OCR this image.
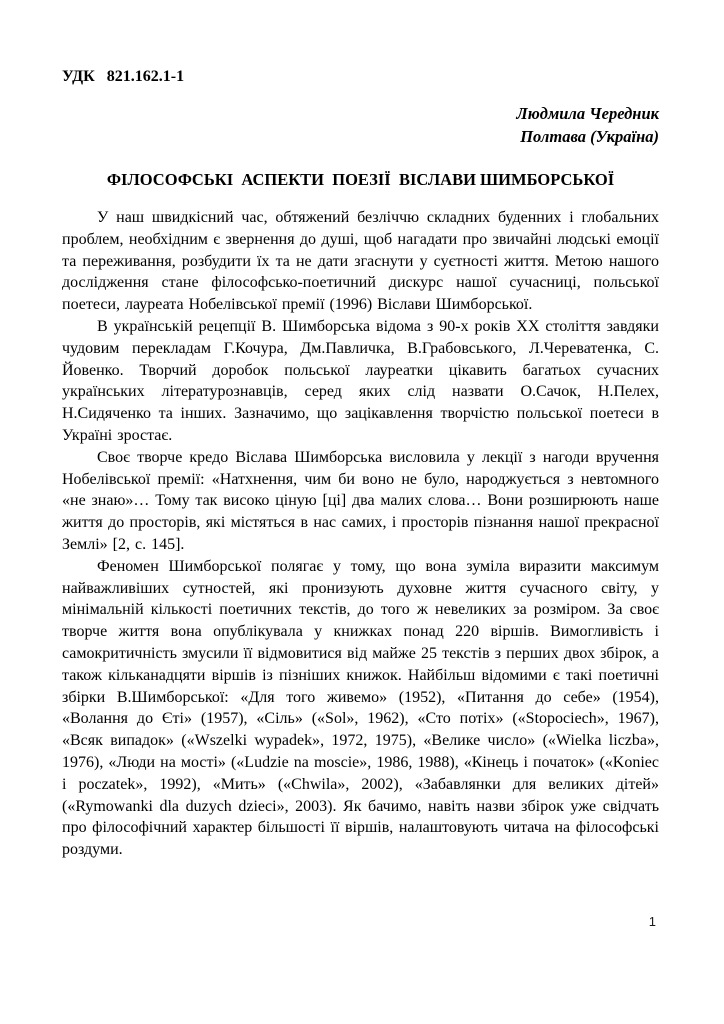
УДК   821.162.1-1
Людмила Чередник
Полтава (Україна)
ФІЛОСОФСЬКІ  АСПЕКТИ  ПОЕЗІЇ  ВІСЛАВИ ШИМБОРСЬКОЇ

У наш швидкісний час, обтяжений безліччю складних буденних і глобальних проблем, необхідним є звернення до душі, щоб нагадати про звичайні людські емоції та переживання, розбудити їх та не дати згаснути у суєтності життя. Метою нашого дослідження стане філософсько-поетичний дискурс нашої сучасниці, польської поетеси, лауреата Нобелівської премії (1996) Віслави Шимборської.

В українській рецепції В. Шимборська відома з 90-х років ХХ століття завдяки чудовим перекладам Г.Кочура, Дм.Павличка, В.Грабовського, Л.Череватенка, С. Йовенко. Творчий доробок польської лауреатки цікавить багатьох сучасних українських літературознавців, серед яких слід назвати О.Сачок, Н.Пелех, Н.Сидяченко та інших. Зазначимо, що зацікавлення творчістю польської поетеси в Україні зростає.

Своє творче кредо Віслава Шимборська висловила у лекції з нагоди вручення Нобелівської премії: «Натхнення, чим би воно не було, народжується з невтомного «не знаю»… Тому так високо ціную [ці] два малих слова… Вони розширюють наше життя до просторів, які містяться в нас самих, і просторів пізнання нашої прекрасної Землі» [2, с. 145].

Феномен Шимборської полягає у тому, що вона зуміла виразити максимум найважливіших сутностей, які пронизують духовне життя сучасного світу, у мінімальній кількості поетичних текстів, до того ж невеликих за розміром. За своє творче життя вона опублікувала у книжках понад 220 віршів. Вимогливість і самокритичність змусили її відмовитися від майже 25 текстів з перших двох збірок, а також кільканадцяти віршів із пізніших книжок. Найбільш відомими є такі поетичні збірки В.Шимборської: «Для того живемо» (1952), «Питання до себе» (1954), «Волання до Єті» (1957), «Сіль» («Sol», 1962), «Сто потіх» («Stopociech», 1967), «Всяк випадок» («Wszelki wypadek», 1972, 1975), «Велике число» («Wielka liczba», 1976), «Люди на мості» («Ludzie na moscie», 1986, 1988), «Кінець і початок» («Koniec i poczatek», 1992), «Мить» («Chwila», 2002), «Забавлянки для великих дітей» («Rymowanki dla duzych dzieci», 2003). Як бачимо, навіть назви збірок уже свідчать про філософічний характер більшості її віршів, налаштовують читача на філософські роздуми.

1
